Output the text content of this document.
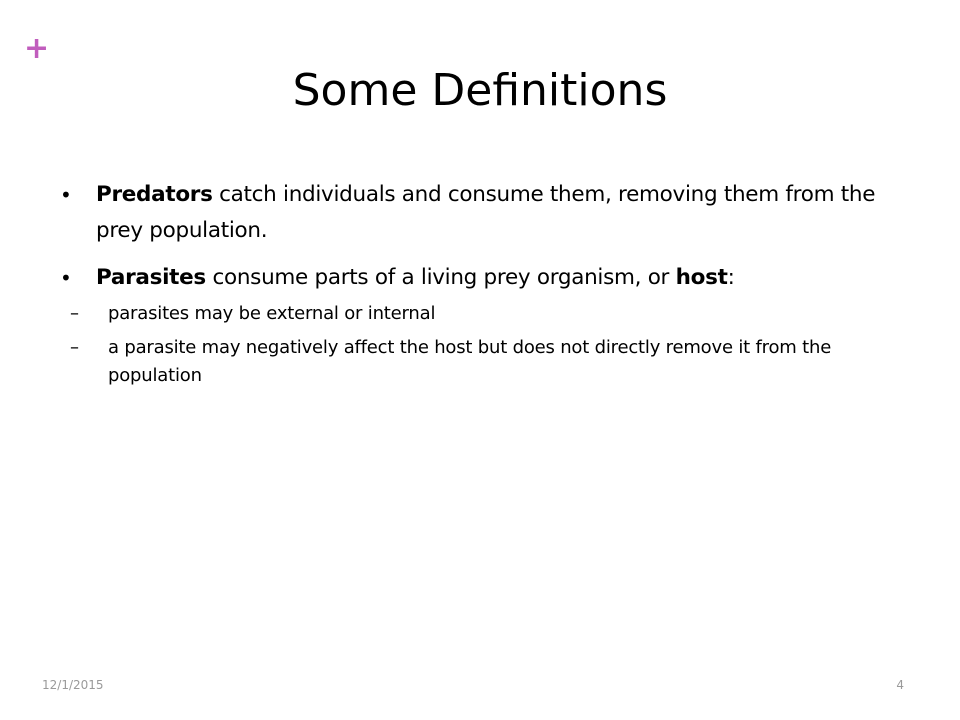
+
Some Definitions
• Predators catch individuals and consume them, removing them from the prey population.
• Parasites consume parts of a living prey organism, or host:
– parasites may be external or internal
– a parasite may negatively affect the host but does not directly remove it from the population
12/1/2015	4
